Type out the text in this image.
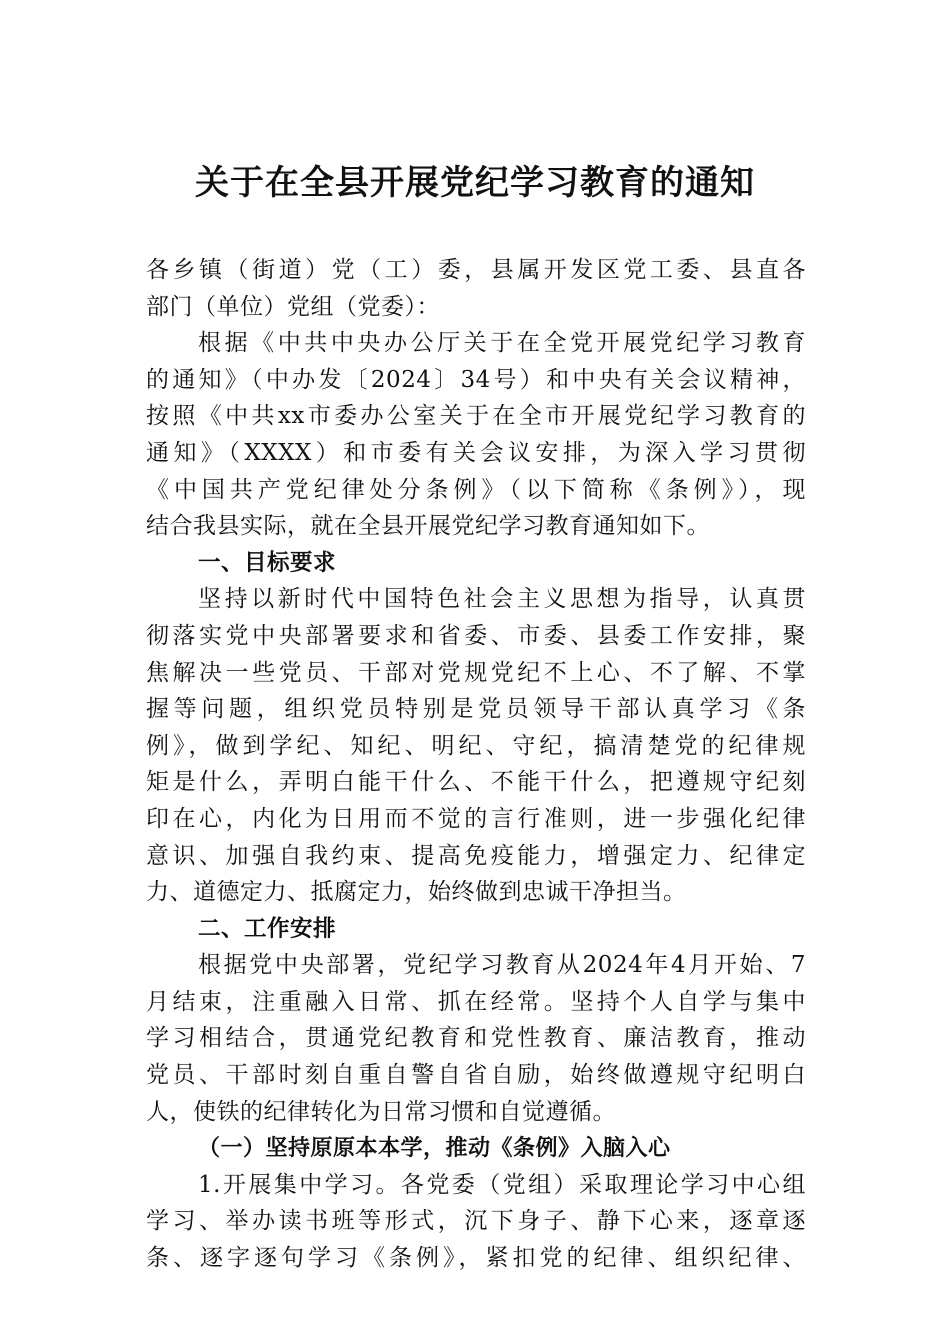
关于在全县开展党纪学习教育的通知
各乡镇（街道）党（工）委，县属开发区党工委、县直各
部门（单位）党组（党委）：
根据《中共中央办公厅关于在全党开展党纪学习教育
的通知》（中办发〔2024〕34号）和中央有关会议精神，
按照《中共xx市委办公室关于在全市开展党纪学习教育的
通知》（XXXX）和市委有关会议安排，为深入学习贯彻
《中国共产党纪律处分条例》（以下简称《条例》），现
结合我县实际，就在全县开展党纪学习教育通知如下。
一、目标要求
坚持以新时代中国特色社会主义思想为指导，认真贯
彻落实党中央部署要求和省委、市委、县委工作安排，聚
焦解决一些党员、干部对党规党纪不上心、不了解、不掌
握等问题，组织党员特别是党员领导干部认真学习《条
例》，做到学纪、知纪、明纪、守纪，搞清楚党的纪律规
矩是什么，弄明白能干什么、不能干什么，把遵规守纪刻
印在心，内化为日用而不觉的言行准则，进一步强化纪律
意识、加强自我约束、提高免疫能力，增强定力、纪律定
力、道德定力、抵腐定力，始终做到忠诚干净担当。
二、工作安排
根据党中央部署，党纪学习教育从2024年4月开始、7
月结束，注重融入日常、抓在经常。坚持个人自学与集中
学习相结合，贯通党纪教育和党性教育、廉洁教育，推动
党员、干部时刻自重自警自省自励，始终做遵规守纪明白
人，使铁的纪律转化为日常习惯和自觉遵循。
（一）坚持原原本本学，推动《条例》入脑入心
1.开展集中学习。各党委（党组）采取理论学习中心组
学习、举办读书班等形式，沉下身子、静下心来，逐章逐
条、逐字逐句学习《条例》，紧扣党的纪律、组织纪律、
